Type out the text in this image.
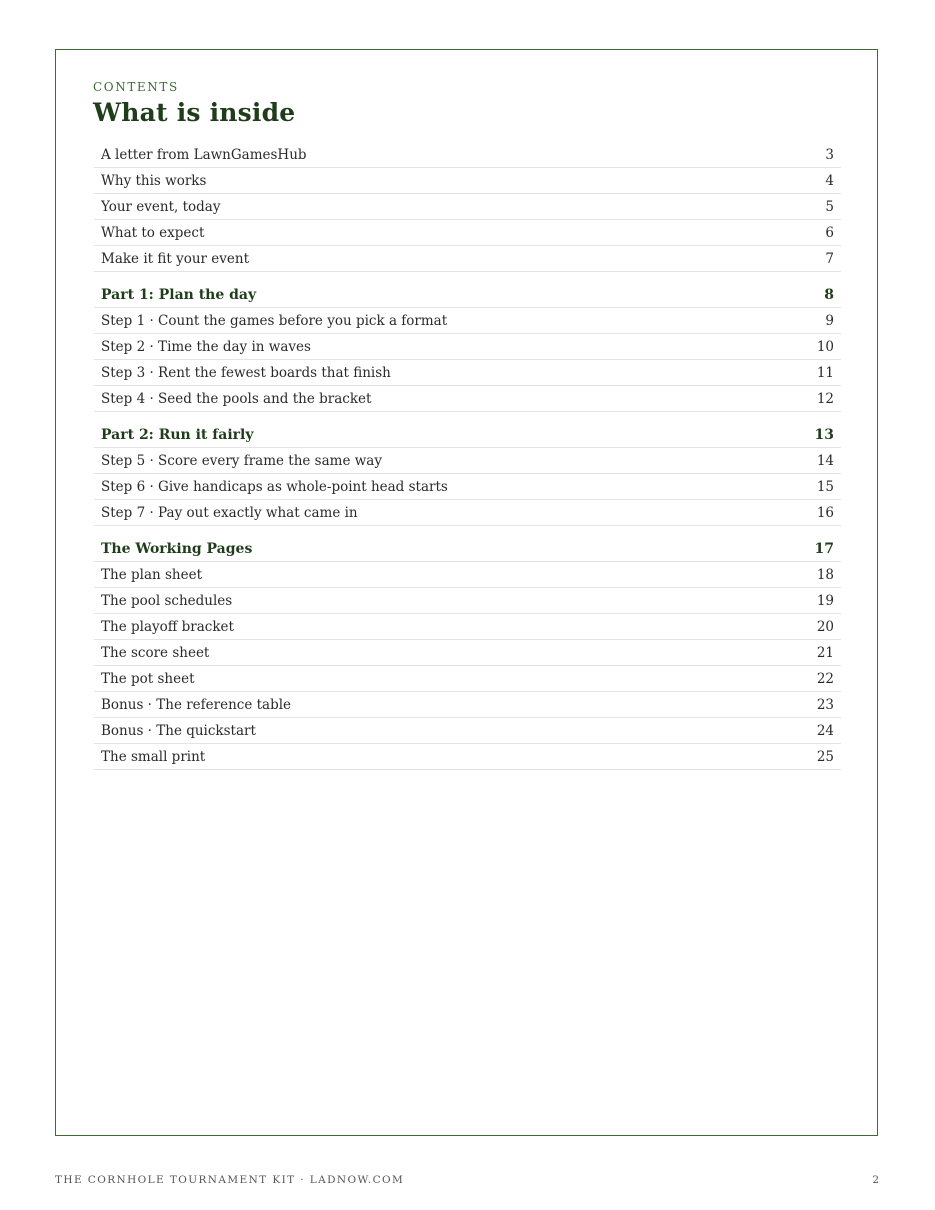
CONTENTS
What is inside
A letter from LawnGamesHub	3
Why this works	4
Your event, today	5
What to expect	6
Make it fit your event	7
Part 1: Plan the day	8
Step 1 · Count the games before you pick a format	9
Step 2 · Time the day in waves	10
Step 3 · Rent the fewest boards that finish	11
Step 4 · Seed the pools and the bracket	12
Part 2: Run it fairly	13
Step 5 · Score every frame the same way	14
Step 6 · Give handicaps as whole-point head starts	15
Step 7 · Pay out exactly what came in	16
The Working Pages	17
The plan sheet	18
The pool schedules	19
The playoff bracket	20
The score sheet	21
The pot sheet	22
Bonus · The reference table	23
Bonus · The quickstart	24
The small print	25
THE CORNHOLE TOURNAMENT KIT · LADNOW.COM	2
